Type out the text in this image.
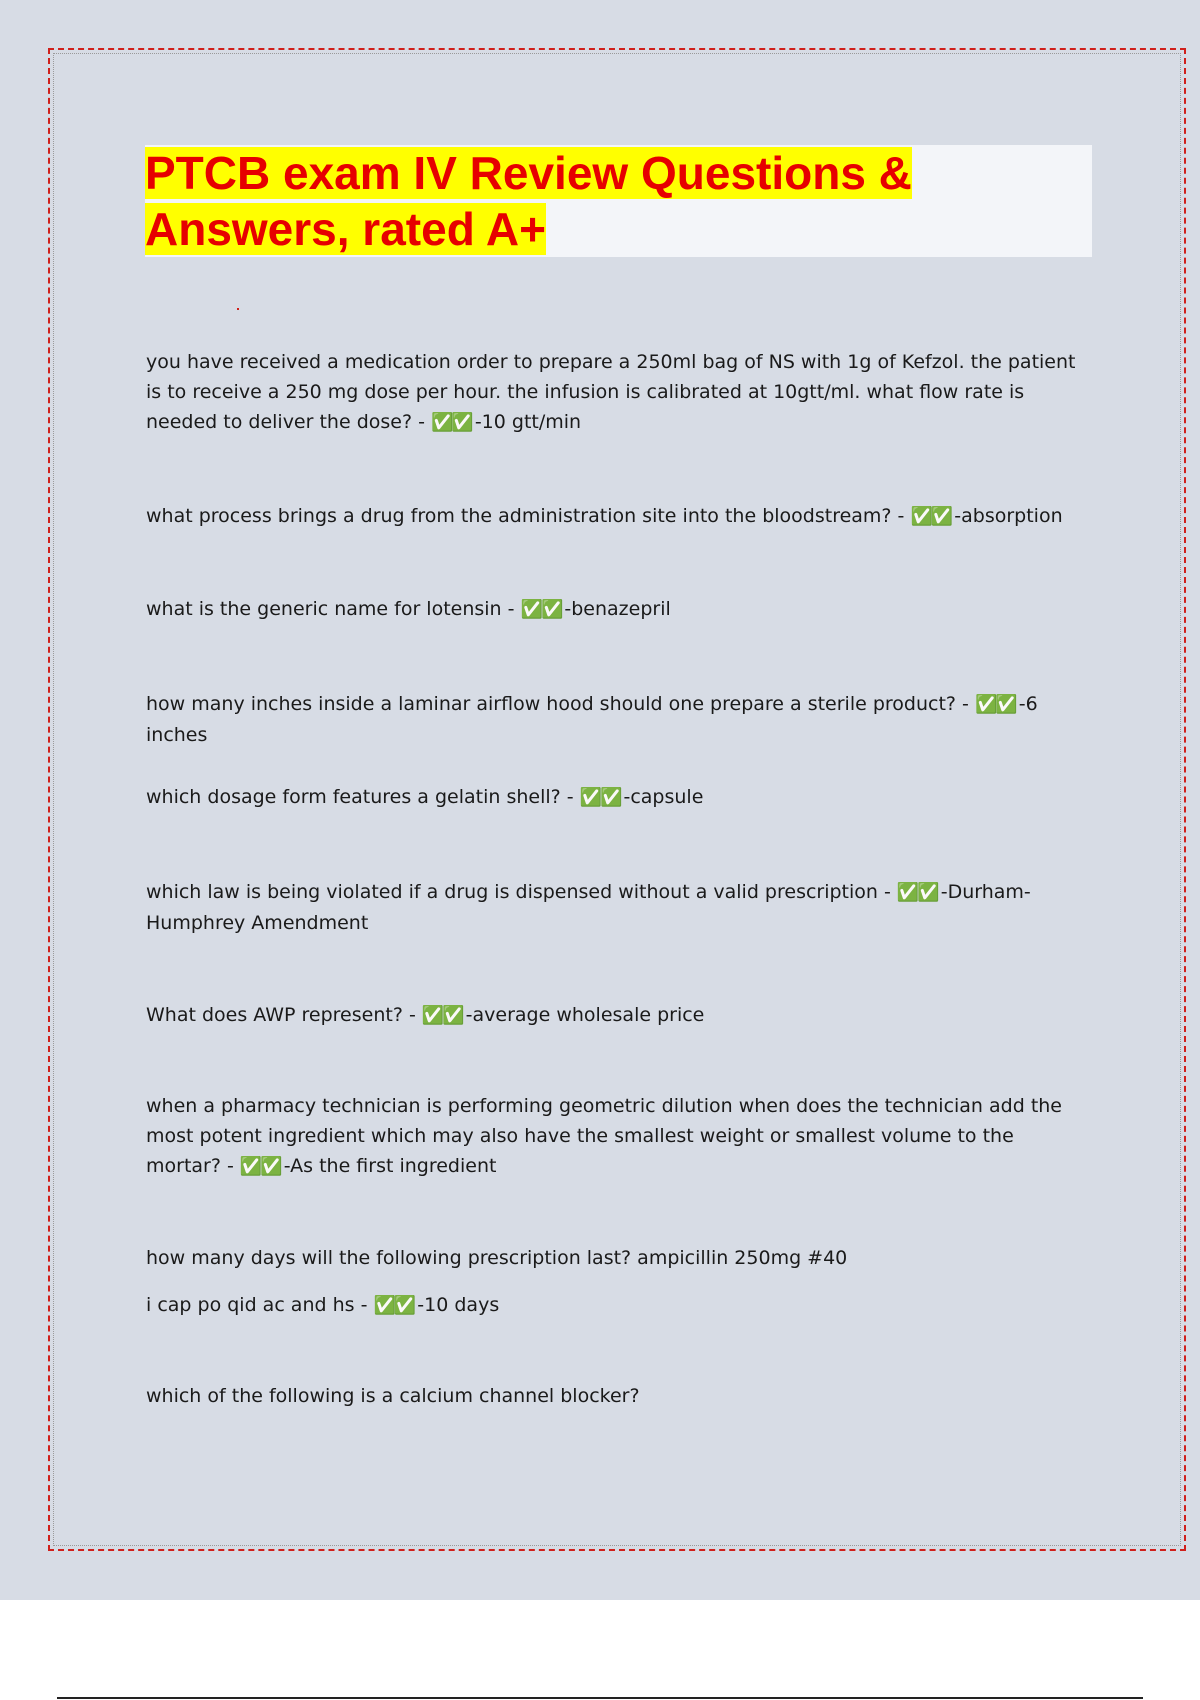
PTCB exam IV Review Questions &
Answers, rated A+

you have received a medication order to prepare a 250ml bag of NS with 1g of Kefzol. the patient is to receive a 250 mg dose per hour. the infusion is calibrated at 10gtt/ml. what flow rate is needed to deliver the dose? - ✅✅ -10 gtt/min

what process brings a drug from the administration site into the bloodstream? - ✅✅ -absorption

what is the generic name for lotensin - ✅✅ -benazepril

how many inches inside a laminar airflow hood should one prepare a sterile product? - ✅✅ -6 inches

which dosage form features a gelatin shell? - ✅✅ -capsule

which law is being violated if a drug is dispensed without a valid prescription - ✅✅ -Durham-Humphrey Amendment

What does AWP represent? - ✅✅ -average wholesale price

when a pharmacy technician is performing geometric dilution when does the technician add the most potent ingredient which may also have the smallest weight or smallest volume to the mortar? - ✅✅ -As the first ingredient

how many days will the following prescription last? ampicillin 250mg #40

i cap po qid ac and hs - ✅✅ -10 days

which of the following is a calcium channel blocker?
